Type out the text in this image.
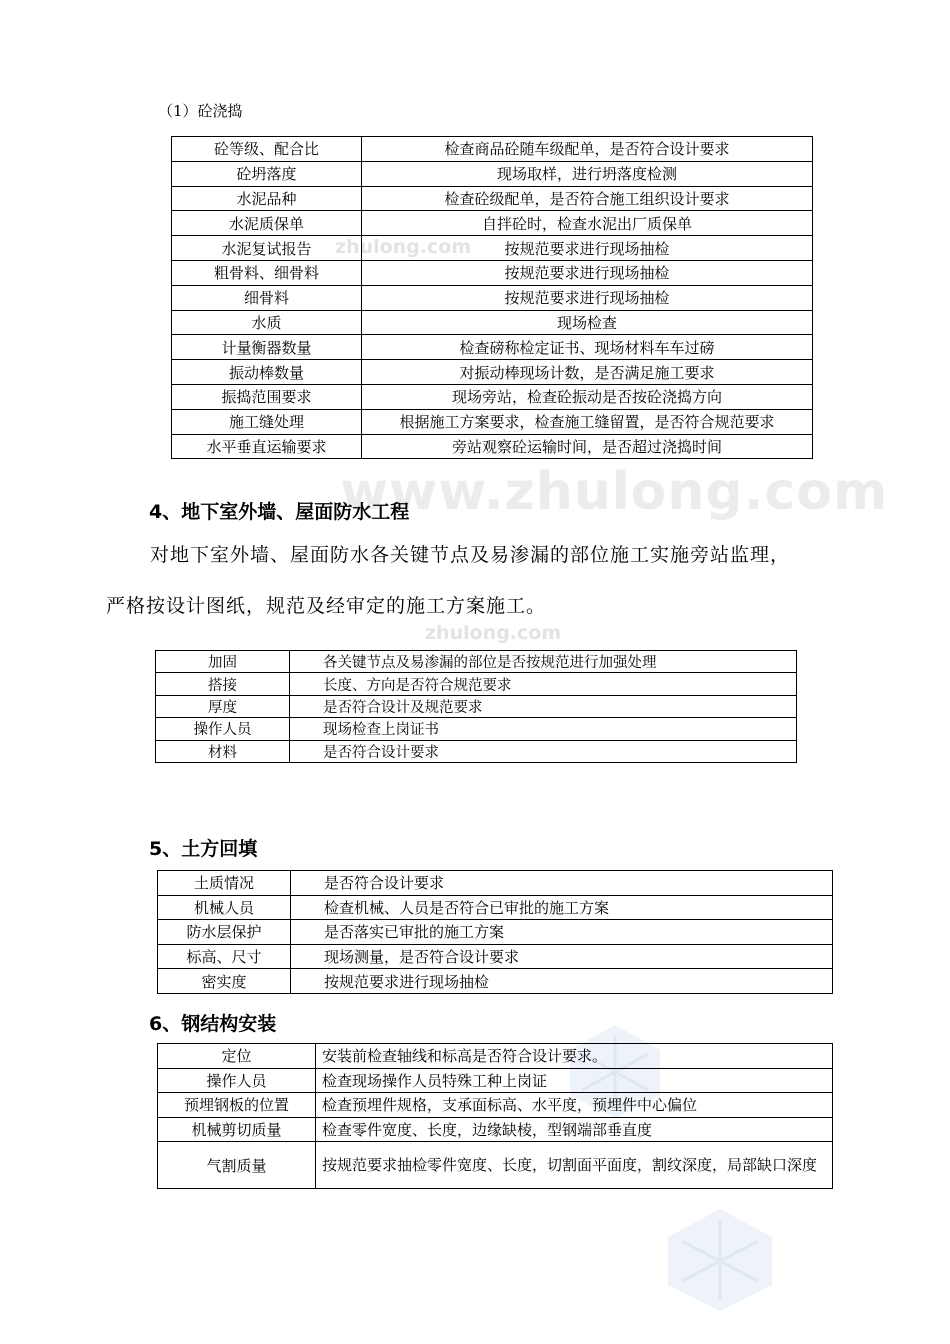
zhulong.com
www.zhulong.com
zhulong.com
（1）砼浇捣
砼等级、配合比	检查商品砼随车级配单，是否符合设计要求
砼坍落度	现场取样，进行坍落度检测
水泥品种	检查砼级配单，是否符合施工组织设计要求
水泥质保单	自拌砼时，检查水泥出厂质保单
水泥复试报告	按规范要求进行现场抽检
粗骨料、细骨料	按规范要求进行现场抽检
细骨料	按规范要求进行现场抽检
水质	现场检查
计量衡器数量	检查磅称检定证书、现场材料车车过磅
振动棒数量	对振动棒现场计数，是否满足施工要求
振捣范围要求	现场旁站，检查砼振动是否按砼浇捣方向
施工缝处理	根据施工方案要求，检查施工缝留置，是否符合规范要求
水平垂直运输要求	旁站观察砼运输时间，是否超过浇捣时间
4、地下室外墙、屋面防水工程
对地下室外墙、屋面防水各关键节点及易渗漏的部位施工实施旁站监理，
严格按设计图纸，规范及经审定的施工方案施工。
加固	各关键节点及易渗漏的部位是否按规范进行加强处理
搭接	长度、方向是否符合规范要求
厚度	是否符合设计及规范要求
操作人员	现场检查上岗证书
材料	是否符合设计要求
5、土方回填
土质情况	是否符合设计要求
机械人员	检查机械、人员是否符合已审批的施工方案
防水层保护	是否落实已审批的施工方案
标高、尺寸	现场测量，是否符合设计要求
密实度	按规范要求进行现场抽检
6、钢结构安装
定位	安装前检查轴线和标高是否符合设计要求。
操作人员	检查现场操作人员特殊工种上岗证
预埋钢板的位置	检查预埋件规格，支承面标高、水平度，预埋件中心偏位
机械剪切质量	检查零件宽度、长度，边缘缺棱，型钢端部垂直度
气割质量	按规范要求抽检零件宽度、长度，切割面平面度，割纹深度，局部缺口深度
